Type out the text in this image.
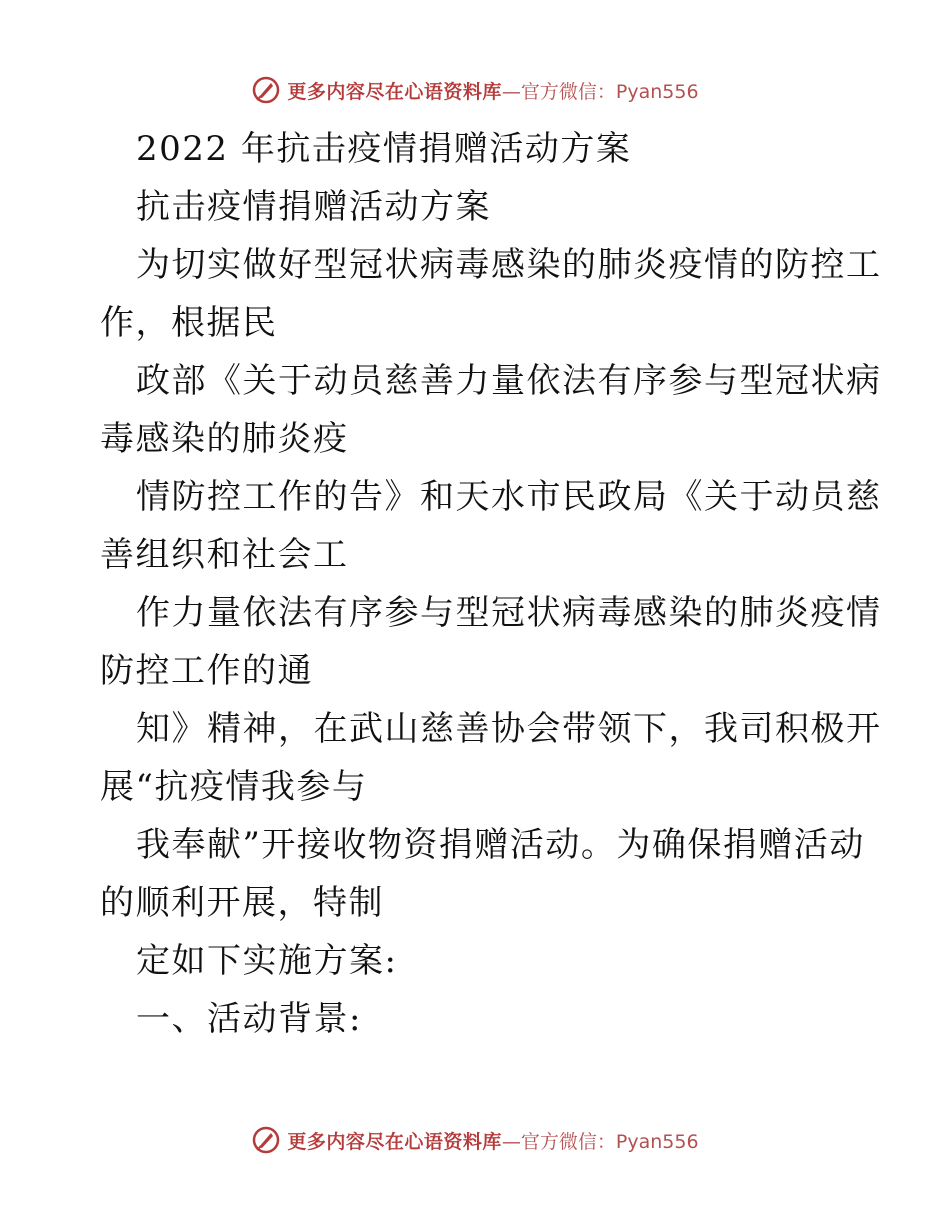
更多内容尽在心语资料库 —官方微信：Pyan556
2022 年抗击疫情捐赠活动方案
抗击疫情捐赠活动方案
为切实做好型冠状病毒感染的肺炎疫情的防控工
作，根据民
政部《关于动员慈善力量依法有序参与型冠状病
毒感染的肺炎疫
情防控工作的告》和天水市民政局《关于动员慈
善组织和社会工
作力量依法有序参与型冠状病毒感染的肺炎疫情
防控工作的通
知》精神，在武山慈善协会带领下，我司积极开
展“抗疫情我参与
我奉献”开接收物资捐赠活动。为确保捐赠活动
的顺利开展，特制
定如下实施方案:
一、活动背景:
更多内容尽在心语资料库 —官方微信：Pyan556
